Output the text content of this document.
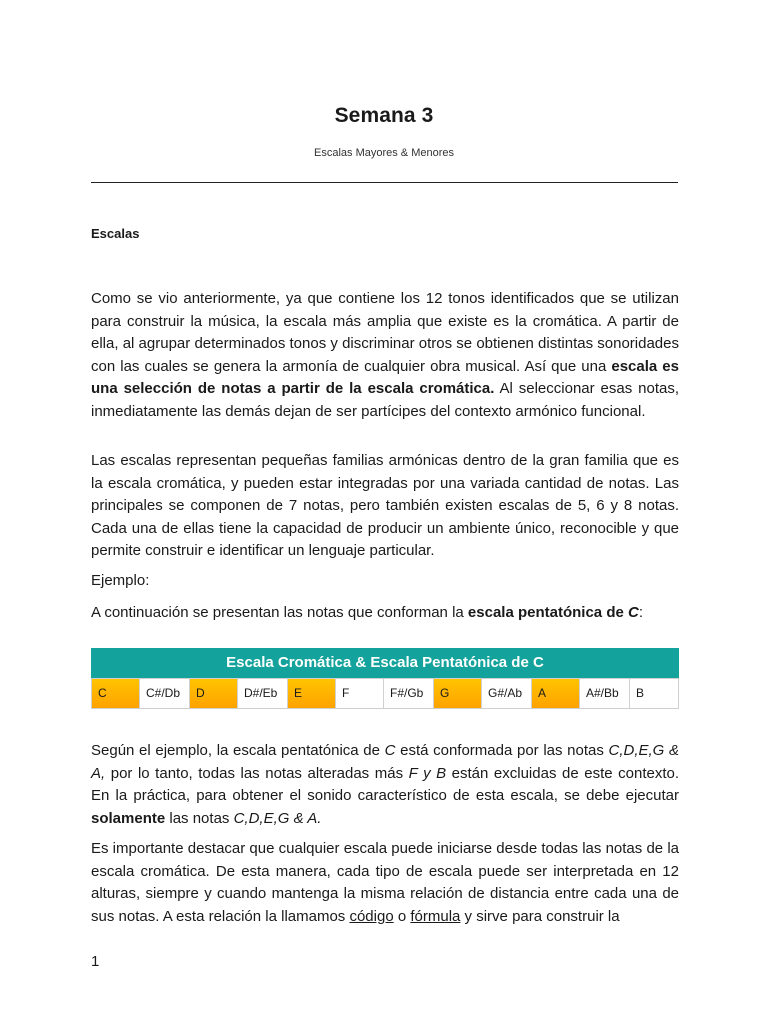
Semana 3
Escalas Mayores & Menores
Escalas

Como se vio anteriormente, ya que contiene los 12 tonos identificados que se utilizan para construir la música, la escala más amplia que existe es la cromática. A partir de ella, al agrupar determinados tonos y discriminar otros se obtienen distintas sonoridades con las cuales se genera la armonía de cualquier obra musical. Así que una escala es una selección de notas a partir de la escala cromática. Al seleccionar esas notas, inmediatamente las demás dejan de ser partícipes del contexto armónico funcional.

Las escalas representan pequeñas familias armónicas dentro de la gran familia que es la escala cromática, y pueden estar integradas por una variada cantidad de notas. Las principales se componen de 7 notas, pero también existen escalas de 5, 6 y 8 notas. Cada una de ellas tiene la capacidad de producir un ambiente único, reconocible y que permite construir e identificar un lenguaje particular.

Ejemplo:

A continuación se presentan las notas que conforman la escala pentatónica de C:

Escala Cromática & Escala Pentatónica de C
C	C#/Db	D	D#/Eb	E	F	F#/Gb	G	G#/Ab	A	A#/Bb	B

Según el ejemplo, la escala pentatónica de C está conformada por las notas C,D,E,G & A, por lo tanto, todas las notas alteradas más F y B están excluidas de este contexto. En la práctica, para obtener el sonido característico de esta escala, se debe ejecutar solamente las notas C,D,E,G & A.

Es importante destacar que cualquier escala puede iniciarse desde todas las notas de la escala cromática. De esta manera, cada tipo de escala puede ser interpretada en 12 alturas, siempre y cuando mantenga la misma relación de distancia entre cada una de sus notas. A esta relación la llamamos código o fórmula y sirve para construir la

1
